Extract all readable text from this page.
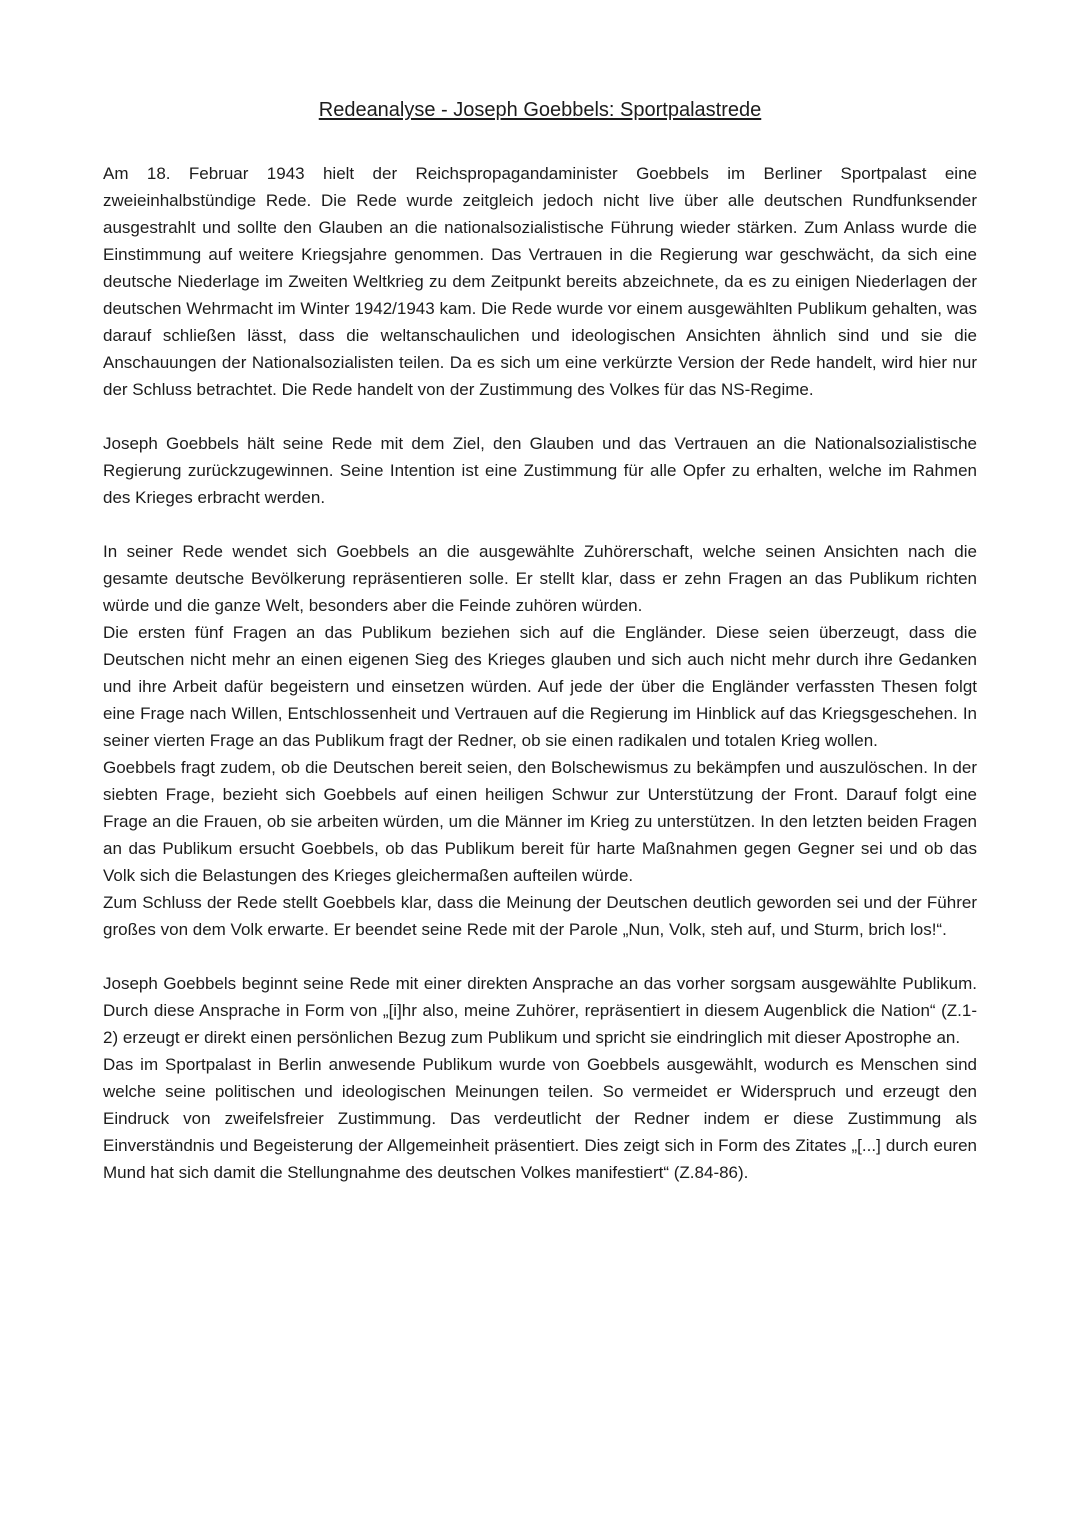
Redeanalyse - Joseph Goebbels: Sportpalastrede

Am 18. Februar 1943 hielt der Reichspropagandaminister Goebbels im Berliner Sportpalast eine zweieinhalbstündige Rede. Die Rede wurde zeitgleich jedoch nicht live über alle deutschen Rundfunksender ausgestrahlt und sollte den Glauben an die nationalsozialistische Führung wieder stärken. Zum Anlass wurde die Einstimmung auf weitere Kriegsjahre genommen. Das Vertrauen in die Regierung war geschwächt, da sich eine deutsche Niederlage im Zweiten Weltkrieg zu dem Zeitpunkt bereits abzeichnete, da es zu einigen Niederlagen der deutschen Wehrmacht im Winter 1942/1943 kam. Die Rede wurde vor einem ausgewählten Publikum gehalten, was darauf schließen lässt, dass die weltanschaulichen und ideologischen Ansichten ähnlich sind und sie die Anschauungen der Nationalsozialisten teilen. Da es sich um eine verkürzte Version der Rede handelt, wird hier nur der Schluss betrachtet. Die Rede handelt von der Zustimmung des Volkes für das NS-Regime.

Joseph Goebbels hält seine Rede mit dem Ziel, den Glauben und das Vertrauen an die Nationalsozialistische Regierung zurückzugewinnen. Seine Intention ist eine Zustimmung für alle Opfer zu erhalten, welche im Rahmen des Krieges erbracht werden.

In seiner Rede wendet sich Goebbels an die ausgewählte Zuhörerschaft, welche seinen Ansichten nach die gesamte deutsche Bevölkerung repräsentieren solle. Er stellt klar, dass er zehn Fragen an das Publikum richten würde und die ganze Welt, besonders aber die Feinde zuhören würden.

Die ersten fünf Fragen an das Publikum beziehen sich auf die Engländer. Diese seien überzeugt, dass die Deutschen nicht mehr an einen eigenen Sieg des Krieges glauben und sich auch nicht mehr durch ihre Gedanken und ihre Arbeit dafür begeistern und einsetzen würden. Auf jede der über die Engländer verfassten Thesen folgt eine Frage nach Willen, Entschlossenheit und Vertrauen auf die Regierung im Hinblick auf das Kriegsgeschehen. In seiner vierten Frage an das Publikum fragt der Redner, ob sie einen radikalen und totalen Krieg wollen.

Goebbels fragt zudem, ob die Deutschen bereit seien, den Bolschewismus zu bekämpfen und auszulöschen. In der siebten Frage, bezieht sich Goebbels auf einen heiligen Schwur zur Unterstützung der Front. Darauf folgt eine Frage an die Frauen, ob sie arbeiten würden, um die Männer im Krieg zu unterstützen. In den letzten beiden Fragen an das Publikum ersucht Goebbels, ob das Publikum bereit für harte Maßnahmen gegen Gegner sei und ob das Volk sich die Belastungen des Krieges gleichermaßen aufteilen würde.

Zum Schluss der Rede stellt Goebbels klar, dass die Meinung der Deutschen deutlich geworden sei und der Führer großes von dem Volk erwarte. Er beendet seine Rede mit der Parole „Nun, Volk, steh auf, und Sturm, brich los!“.

Joseph Goebbels beginnt seine Rede mit einer direkten Ansprache an das vorher sorgsam ausgewählte Publikum. Durch diese Ansprache in Form von „[i]hr also, meine Zuhörer, repräsentiert in diesem Augenblick die Nation“ (Z.1-2) erzeugt er direkt einen persönlichen Bezug zum Publikum und spricht sie eindringlich mit dieser Apostrophe an.

Das im Sportpalast in Berlin anwesende Publikum wurde von Goebbels ausgewählt, wodurch es Menschen sind welche seine politischen und ideologischen Meinungen teilen. So vermeidet er Widerspruch und erzeugt den Eindruck von zweifelsfreier Zustimmung. Das verdeutlicht der Redner indem er diese Zustimmung als Einverständnis und Begeisterung der Allgemeinheit präsentiert. Dies zeigt sich in Form des Zitates „[...] durch euren Mund hat sich damit die Stellungnahme des deutschen Volkes manifestiert“ (Z.84-86).
